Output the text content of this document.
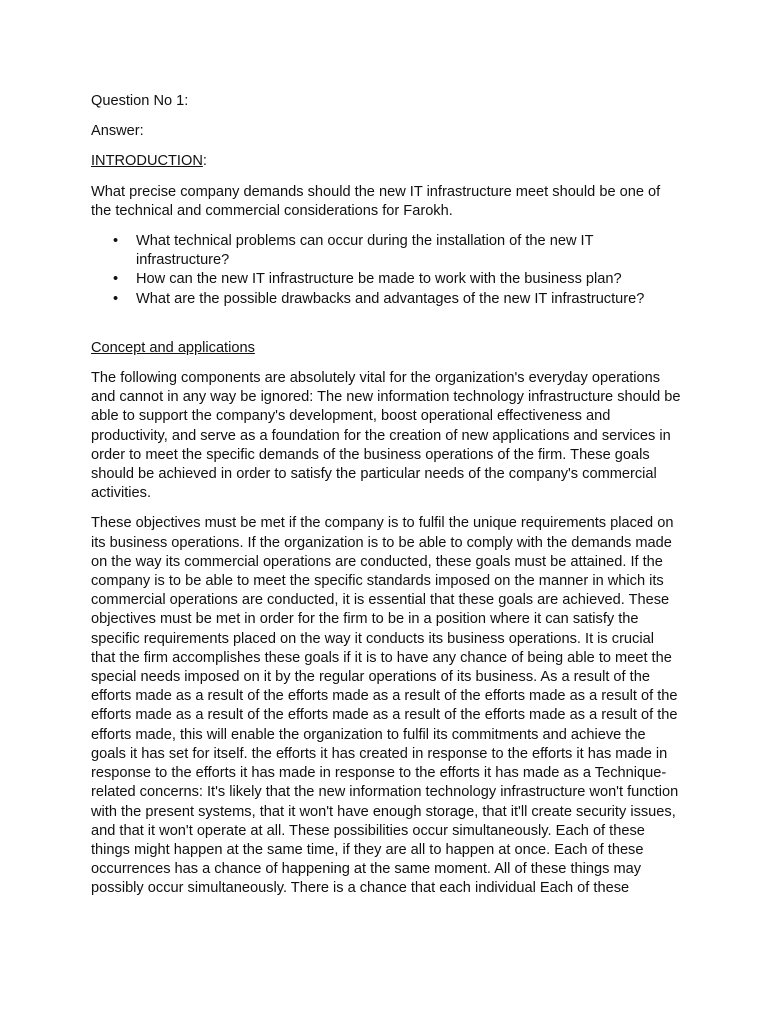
Question No 1:

Answer:

INTRODUCTION:

What precise company demands should the new IT infrastructure meet should be one of the technical and commercial considerations for Farokh.

• What technical problems can occur during the installation of the new IT infrastructure?
• How can the new IT infrastructure be made to work with the business plan?
• What are the possible drawbacks and advantages of the new IT infrastructure?

Concept and applications

The following components are absolutely vital for the organization's everyday operations and cannot in any way be ignored: The new information technology infrastructure should be able to support the company's development, boost operational effectiveness and productivity, and serve as a foundation for the creation of new applications and services in order to meet the specific demands of the business operations of the firm. These goals should be achieved in order to satisfy the particular needs of the company's commercial activities.

These objectives must be met if the company is to fulfil the unique requirements placed on its business operations. If the organization is to be able to comply with the demands made on the way its commercial operations are conducted, these goals must be attained. If the company is to be able to meet the specific standards imposed on the manner in which its commercial operations are conducted, it is essential that these goals are achieved. These objectives must be met in order for the firm to be in a position where it can satisfy the specific requirements placed on the way it conducts its business operations. It is crucial that the firm accomplishes these goals if it is to have any chance of being able to meet the special needs imposed on it by the regular operations of its business. As a result of the efforts made as a result of the efforts made as a result of the efforts made as a result of the efforts made as a result of the efforts made as a result of the efforts made as a result of the efforts made, this will enable the organization to fulfil its commitments and achieve the goals it has set for itself. the efforts it has created in response to the efforts it has made in response to the efforts it has made in response to the efforts it has made as a Technique-related concerns: It's likely that the new information technology infrastructure won't function with the present systems, that it won't have enough storage, that it'll create security issues, and that it won't operate at all. These possibilities occur simultaneously. Each of these things might happen at the same time, if they are all to happen at once. Each of these occurrences has a chance of happening at the same moment. All of these things may possibly occur simultaneously. There is a chance that each individual Each of these
